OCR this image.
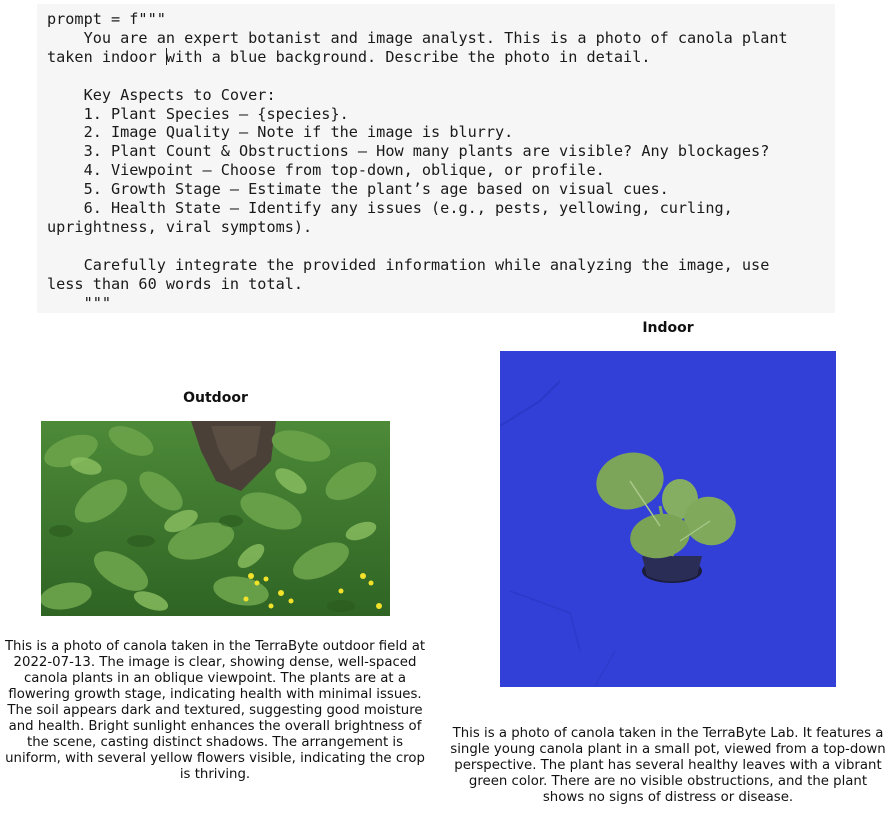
prompt = f"""
You are an expert botanist and image analyst. This is a photo of canola plant
taken indoor with a blue background. Describe the photo in detail.

Key Aspects to Cover:
1. Plant Species – {species}.
2. Image Quality – Note if the image is blurry.
3. Plant Count & Obstructions – How many plants are visible? Any blockages?
4. Viewpoint – Choose from top-down, oblique, or profile.
5. Growth Stage – Estimate the plant’s age based on visual cues.
6. Health State – Identify any issues (e.g., pests, yellowing, curling,
uprightness, viral symptoms).

Carefully integrate the provided information while analyzing the image, use
less than 60 words in total.
"""
Outdoor
This is a photo of canola taken in the TerraByte outdoor field at 2022-07-13. The image is clear, showing dense, well-spaced canola plants in an oblique viewpoint. The plants are at a flowering growth stage, indicating health with minimal issues. The soil appears dark and textured, suggesting good moisture and health. Bright sunlight enhances the overall brightness of the scene, casting distinct shadows. The arrangement is uniform, with several yellow flowers visible, indicating the crop is thriving.
Indoor
This is a photo of canola taken in the TerraByte Lab. It features a single young canola plant in a small pot, viewed from a top-down perspective. The plant has several healthy leaves with a vibrant green color. There are no visible obstructions, and the plant shows no signs of distress or disease.
